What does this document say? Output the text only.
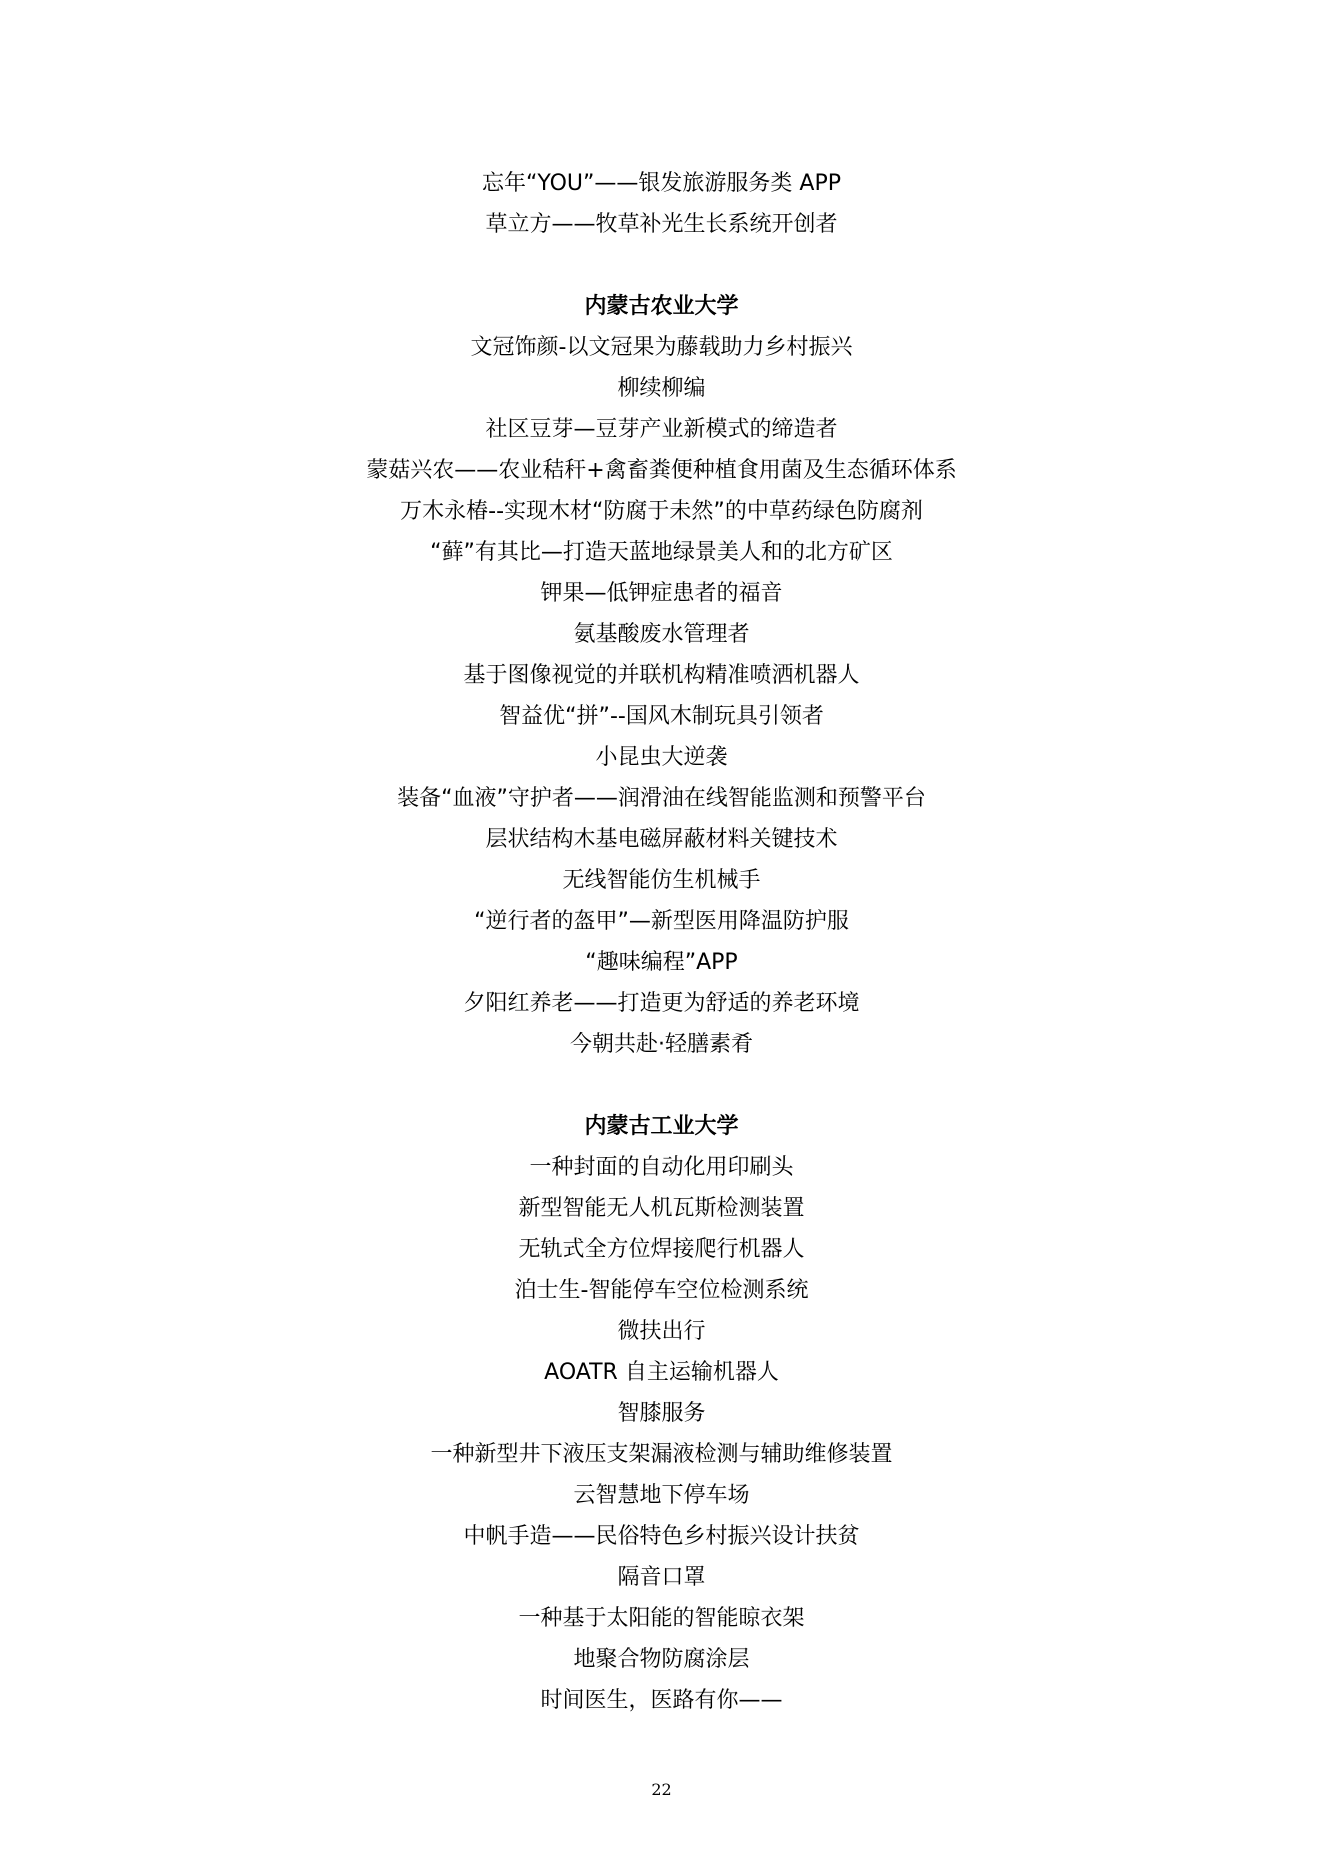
忘年“YOU”——银发旅游服务类 APP
草立方——牧草补光生长系统开创者
内蒙古农业大学
文冠饰颜-以文冠果为藤载助力乡村振兴
柳续柳编
社区豆芽—豆芽产业新模式的缔造者
蒙菇兴农——农业秸秆+禽畜粪便种植食用菌及生态循环体系
万木永椿--实现木材“防腐于未然”的中草药绿色防腐剂
“藓”有其比—打造天蓝地绿景美人和的北方矿区
钾果—低钾症患者的福音
氨基酸废水管理者
基于图像视觉的并联机构精准喷洒机器人
智益优“拼”--国风木制玩具引领者
小昆虫大逆袭
装备“血液”守护者——润滑油在线智能监测和预警平台
层状结构木基电磁屏蔽材料关键技术
无线智能仿生机械手
“逆行者的盔甲”—新型医用降温防护服
“趣味编程”APP
夕阳红养老——打造更为舒适的养老环境
今朝共赴·轻膳素肴
内蒙古工业大学
一种封面的自动化用印刷头
新型智能无人机瓦斯检测装置
无轨式全方位焊接爬行机器人
泊士生-智能停车空位检测系统
微扶出行
AOATR 自主运输机器人
智膝服务
一种新型井下液压支架漏液检测与辅助维修装置
云智慧地下停车场
中帆手造——民俗特色乡村振兴设计扶贫
隔音口罩
一种基于太阳能的智能晾衣架
地聚合物防腐涂层
时间医生，医路有你——
22
